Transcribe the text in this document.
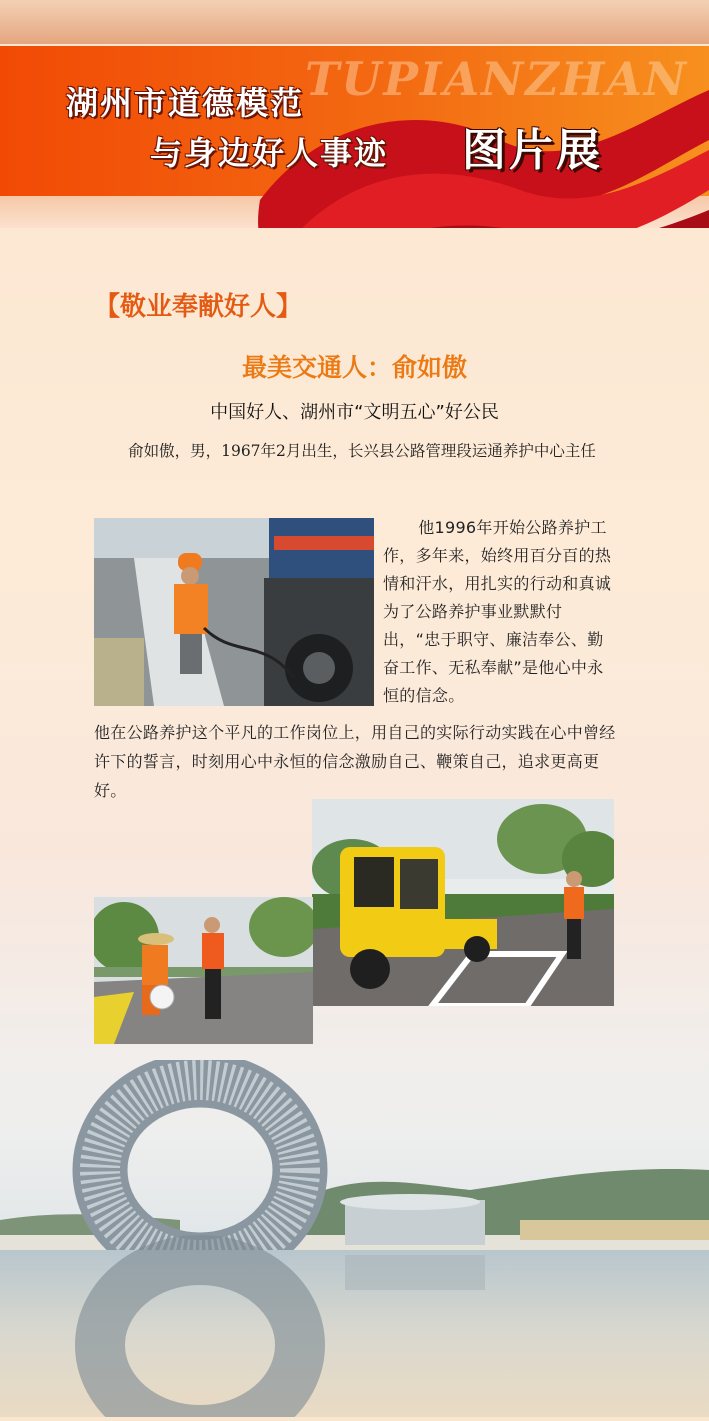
TUPIANZHAN
湖州市道德模范
与身边好人事迹 图片展
【敬业奉献好人】
最美交通人：俞如傲
中国好人、湖州市“文明五心”好公民
俞如傲，男，1967年2月出生，长兴县公路管理段运通养护中心主任
他1996年开始公路养护工作，多年来，始终用百分百的热情和汗水，用扎实的行动和真诚为了公路养护事业默默付出，“忠于职守、廉洁奉公、勤奋工作、无私奉献”是他心中永恒的信念。
他在公路养护这个平凡的工作岗位上，用自己的实际行动实践在心中曾经许下的誓言，时刻用心中永恒的信念激励自己、鞭策自己，追求更高更好。
